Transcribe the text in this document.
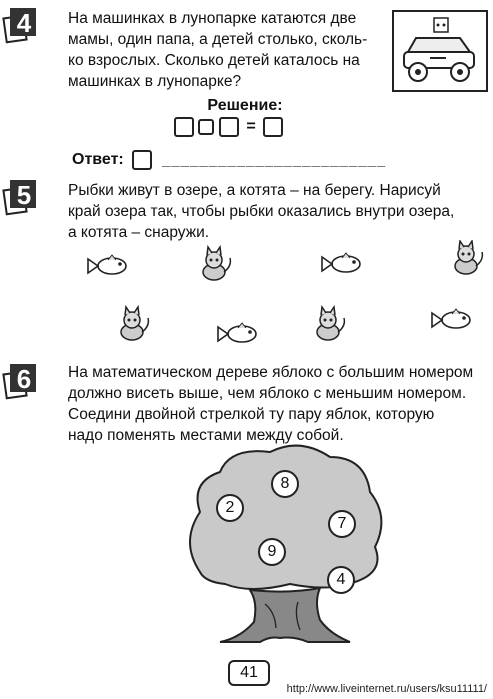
4 На машинках в лунопарке катаются две
мамы, один папа, а детей столько, сколь-
ко взрослых. Сколько детей каталось на
машинках в лунопарке?
Решение:
=
Ответ:	________________________
5 Рыбки живут в озере, а котята – на берегу. Нарисуй
край озера так, чтобы рыбки оказались внутри озера,
а котята – снаружи.
6 На математическом дереве яблоко с большим номером
должно висеть выше, чем яблоко с меньшим номером.
Соедини двойной стрелкой ту пару яблок, которую
надо поменять местами между собой.
8
2
7
9
4
41
http://www.liveinternet.ru/users/ksu11111/
